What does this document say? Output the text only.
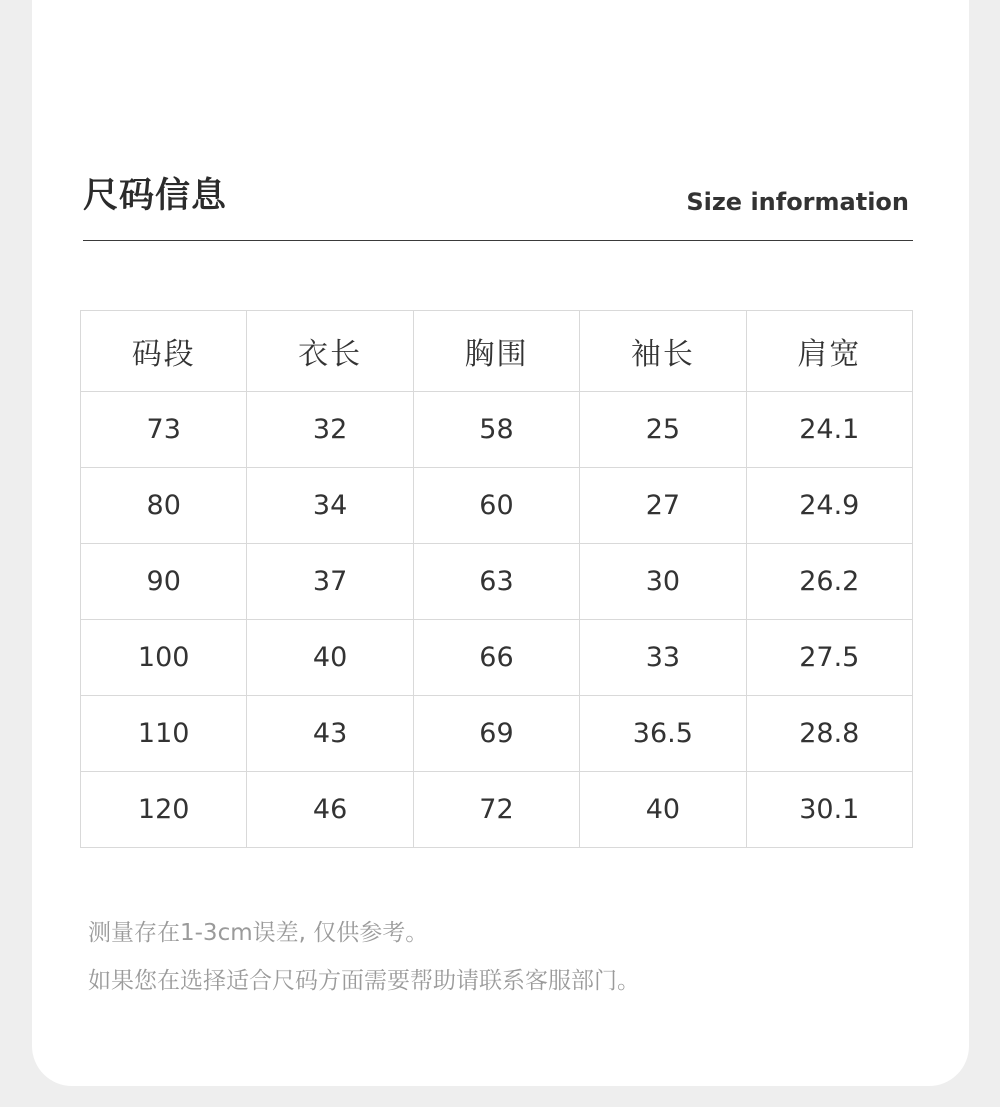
尺码信息	Size information
码段	衣长	胸围	袖长	肩宽
73	32	58	25	24.1
80	34	60	27	24.9
90	37	63	30	26.2
100	40	66	33	27.5
110	43	69	36.5	28.8
120	46	72	40	30.1
测量存在1-3cm误差, 仅供参考。
如果您在选择适合尺码方面需要帮助请联系客服部门。
